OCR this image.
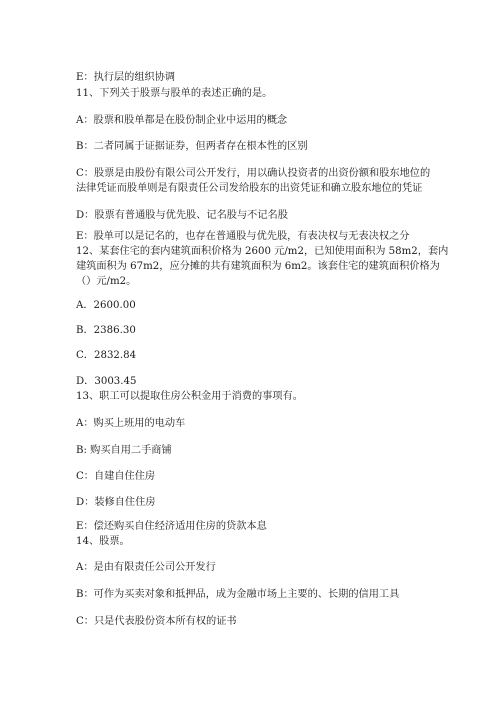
E：执行层的组织协调
11、下列关于股票与股单的表述正确的是。
A：股票和股单都是在股份制企业中运用的概念
B：二者同属于证据证券，但两者存在根本性的区别
C：股票是由股份有限公司公开发行，用以确认投资者的出资份额和股东地位的
法律凭证而股单则是有限责任公司发给股东的出资凭证和确立股东地位的凭证
D：股票有普通股与优先股、记名股与不记名股
E：股单可以是记名的，也存在普通股与优先股，有表决权与无表决权之分
12、某套住宅的套内建筑面积价格为 2600 元/m2，已知使用面积为 58m2，套内
建筑面积为 67m2，应分摊的共有建筑面积为 6m2。该套住宅的建筑面积价格为
（）元/m2。
A．2600.00
B．2386.30
C．2832.84
D．3003.45
13、职工可以提取住房公积金用于消费的事项有。
A：购买上班用的电动车
B: 购买自用二手商铺
C：自建自住住房
D：装修自住住房
E：偿还购买自住经济适用住房的贷款本息
14、股票。
A：是由有限责任公司公开发行
B：可作为买卖对象和抵押品，成为金融市场上主要的、长期的信用工具
C：只是代表股份资本所有权的证书
